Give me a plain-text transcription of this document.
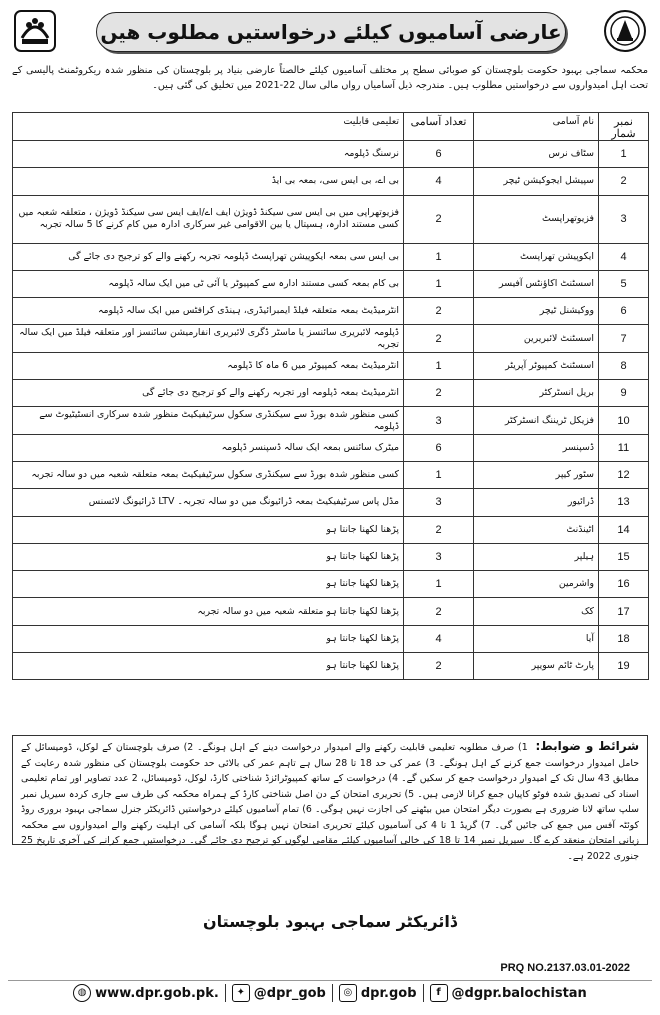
عارضی آسامیوں کیلئے درخواستیں مطلوب ھیں
محکمہ سماجی بہبود حکومت بلوچستان کو صوبائی سطح پر مختلف آسامیوں کیلئے خالصتاً عارضی بنیاد پر بلوچستان کی منظور شدہ ریکروٹمنٹ پالیسی کے تحت اہل امیدواروں سے درخواستیں مطلوب ہیں۔ مندرجہ ذیل آسامیاں رواں مالی سال 22-2021 میں تخلیق کی گئی ہیں۔
نمبر شمار	نام آسامی	تعداد آسامی	تعلیمی قابلیت
1	سٹاف نرس	6	نرسنگ ڈپلومہ
2	سپیشل ایجوکیشن ٹیچر	4	بی اے، بی ایس سی، بمعہ بی ایڈ
3	فزیوتھراپسٹ	2	فزیوتھراپی میں بی ایس سی سیکنڈ ڈویژن ایف اے/ایف ایس سی سیکنڈ ڈویژن ، متعلقہ شعبہ میں کسی مستند ادارہ، ہسپتال یا بین الاقوامی غیر سرکاری ادارہ میں کام کرنے کا 5 سالہ تجربہ
4	ایکوپیشن تھراپسٹ	1	بی ایس سی بمعہ ایکوپیشن تھراپسٹ ڈپلومہ تجربہ رکھنے والے کو ترجیح دی جائے گی
5	اسسٹنٹ اکاؤنٹس آفیسر	1	بی کام بمعہ کسی مستند ادارہ سے کمپیوٹر یا آئی ٹی میں ایک سالہ ڈپلومہ
6	ووکیشنل ٹیچر	2	انٹرمیڈیٹ بمعہ متعلقہ فیلڈ ایمبرائیڈری، ہینڈی کرافٹس میں ایک سالہ ڈپلومہ
7	اسسٹنٹ لائبریرین	2	ڈپلومہ لائبریری سائنسز یا ماسٹر ڈگری لائبریری انفارمیشن سائنسز اور متعلقہ فیلڈ میں ایک سالہ تجربہ
8	اسسٹنٹ کمپیوٹر آپریٹر	1	انٹرمیڈیٹ بمعہ کمپیوٹر میں 6 ماہ کا ڈپلومہ
9	بریل انسٹرکٹر	2	انٹرمیڈیٹ بمعہ ڈپلومہ اور تجربہ رکھنے والے کو ترجیح دی جائے گی
10	فزیکل ٹریننگ انسٹرکٹر	3	کسی منظور شدہ بورڈ سے سیکنڈری سکول سرٹیفیکیٹ منظور شدہ سرکاری انسٹیٹیوٹ سے ڈپلومہ
11	ڈسپنسر	6	میٹرک سائنس بمعہ ایک سالہ ڈسپنسر ڈپلومہ
12	سٹور کیپر	1	کسی منظور شدہ بورڈ سے سیکنڈری سکول سرٹیفیکیٹ بمعہ متعلقہ شعبہ میں دو سالہ تجربہ
13	ڈرائیور	3	مڈل پاس سرٹیفیکیٹ بمعہ ڈرائیونگ میں دو سالہ تجربہ۔ LTV ڈرائیونگ لائسنس
14	اٹینڈنٹ	2	پڑھنا لکھنا جانتا ہو
15	ہیلپر	3	پڑھنا لکھنا جانتا ہو
16	واشرمین	1	پڑھنا لکھنا جانتا ہو
17	کک	2	پڑھنا لکھنا جانتا ہو متعلقہ شعبہ میں دو سالہ تجربہ
18	آیا	4	پڑھنا لکھنا جانتا ہو
19	پارٹ ٹائم سویپر	2	پڑھنا لکھنا جانتا ہو
شرائط و ضوابط: 1) صرف مطلوبہ تعلیمی قابلیت رکھنے والے امیدوار درخواست دینے کے اہل ہونگے۔ 2) صرف بلوچستان کے لوکل، ڈومیسائل کے حامل امیدوار درخواست جمع کرنے کے اہل ہونگے۔ 3) عمر کی حد 18 تا 28 سال ہے تاہم عمر کی بالائی حد حکومت بلوچستان کی منظور شدہ رعایت کے مطابق 43 سال تک کے امیدوار درخواست جمع کر سکیں گے۔ 4) درخواست کے ساتھ کمپیوٹرائزڈ شناختی کارڈ، لوکل، ڈومیسائل، 2 عدد تصاویر اور تمام تعلیمی اسناد کی تصدیق شدہ فوٹو کاپیاں جمع کرانا لازمی ہیں۔ 5) تحریری امتحان کے دن اصل شناختی کارڈ کے ہمراہ محکمہ کی طرف سے جاری کردہ سیریل نمبر سلپ ساتھ لانا ضروری ہے بصورت دیگر امتحان میں بیٹھنے کی اجازت نہیں ہوگی۔ 6) تمام آسامیوں کیلئے درخواستیں ڈائریکٹر جنرل سماجی بہبود بروری روڈ کوئٹہ آفس میں جمع کی جائیں گی۔ 7) گریڈ 1 تا 4 کی آسامیوں کیلئے تحریری امتحان نہیں ہوگا بلکہ آسامی کی اہلیت رکھنے والے امیدواروں سے محکمہ زبانی امتحان منعقد کرے گا۔ سیریل نمبر 14 تا 18 کی خالی آسامیوں کیلئے مقامی لوگوں کو ترجیح دی جائے گی۔ درخواستیں جمع کرانے کی آخری تاریخ 25 جنوری 2022 ہے۔
ڈائریکٹر سماجی بہبود بلوچستان
PRQ NO.2137.03.01-2022
◍ www.dpr.gob.pk.	✦ @dpr_gob	◎ dpr.gob	f @dgpr.balochistan
